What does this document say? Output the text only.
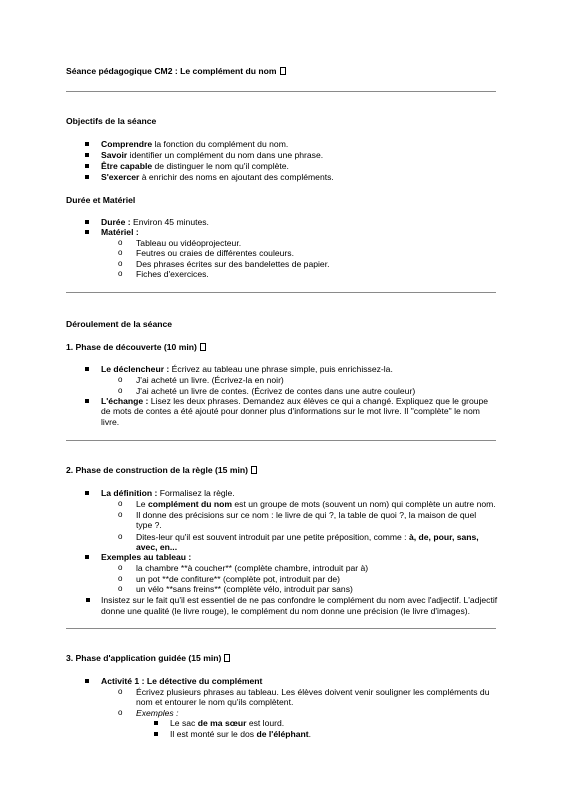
Séance pédagogique CM2 : Le complément du nom
Objectifs de la séance
Comprendre la fonction du complément du nom.
Savoir identifier un complément du nom dans une phrase.
Être capable de distinguer le nom qu'il complète.
S'exercer à enrichir des noms en ajoutant des compléments.
Durée et Matériel
Durée : Environ 45 minutes.
Matériel :
o Tableau ou vidéoprojecteur.
o Feutres ou craies de différentes couleurs.
o Des phrases écrites sur des bandelettes de papier.
o Fiches d'exercices.
Déroulement de la séance
1. Phase de découverte (10 min)
Le déclencheur : Écrivez au tableau une phrase simple, puis enrichissez-la.
o J'ai acheté un livre. (Écrivez-la en noir)
o J'ai acheté un livre de contes. (Écrivez de contes dans une autre couleur)
L'échange : Lisez les deux phrases. Demandez aux élèves ce qui a changé. Expliquez que le groupe
de mots de contes a été ajouté pour donner plus d'informations sur le mot livre. Il "complète" le nom
livre.
2. Phase de construction de la règle (15 min)
La définition : Formalisez la règle.
o Le complément du nom est un groupe de mots (souvent un nom) qui complète un autre nom.
o Il donne des précisions sur ce nom : le livre de qui ?, la table de quoi ?, la maison de quel
type ?.
o Dites-leur qu'il est souvent introduit par une petite préposition, comme : à, de, pour, sans,
avec, en...
Exemples au tableau :
o la chambre **à coucher** (complète chambre, introduit par à)
o un pot **de confiture** (complète pot, introduit par de)
o un vélo **sans freins** (complète vélo, introduit par sans)
Insistez sur le fait qu'il est essentiel de ne pas confondre le complément du nom avec l'adjectif. L'adjectif
donne une qualité (le livre rouge), le complément du nom donne une précision (le livre d'images).
3. Phase d'application guidée (15 min)
Activité 1 : Le détective du complément
o Écrivez plusieurs phrases au tableau. Les élèves doivent venir souligner les compléments du
nom et entourer le nom qu'ils complètent.
o Exemples :
Le sac de ma sœur est lourd.
Il est monté sur le dos de l'éléphant.
